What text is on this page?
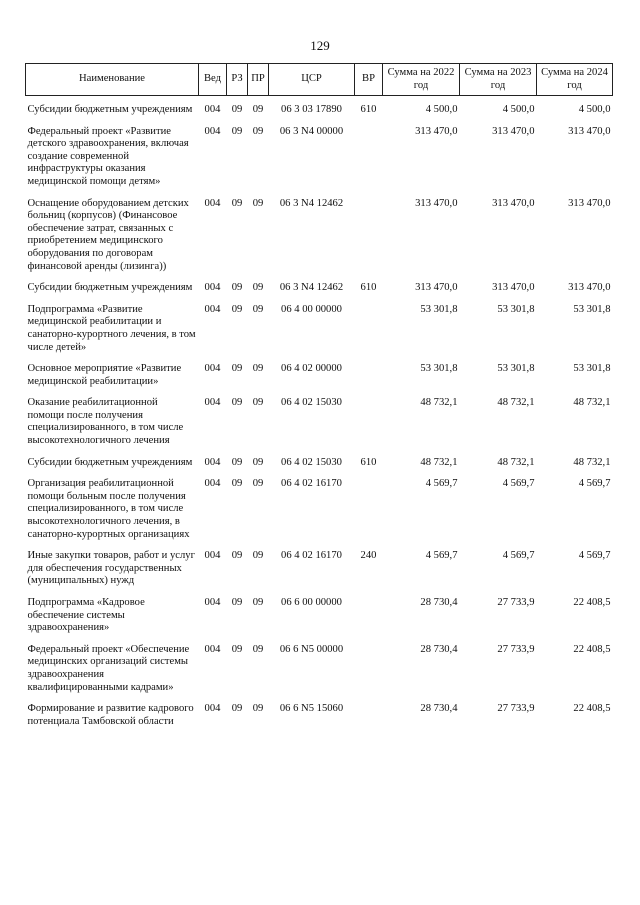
129
Наименование	Вед	РЗ	ПР	ЦСР	ВР	Сумма на 2022 год	Сумма на 2023 год	Сумма на 2024 год
Субсидии бюджетным учреждениям	004	09	09	06 3 03 17890	610	4 500,0	4 500,0	4 500,0
Федеральный проект «Развитие детского здравоохранения, включая создание современной инфраструктуры оказания медицинской помощи детям»	004	09	09	06 3 N4 00000		313 470,0	313 470,0	313 470,0
Оснащение оборудованием детских больниц (корпусов) (Финансовое обеспечение затрат, связанных с приобретением медицинского оборудования по договорам финансовой аренды (лизинга))	004	09	09	06 3 N4 12462		313 470,0	313 470,0	313 470,0
Субсидии бюджетным учреждениям	004	09	09	06 3 N4 12462	610	313 470,0	313 470,0	313 470,0
Подпрограмма «Развитие медицинской реабилитации и санаторно-курортного лечения, в том числе детей»	004	09	09	06 4 00 00000		53 301,8	53 301,8	53 301,8
Основное мероприятие «Развитие медицинской реабилитации»	004	09	09	06 4 02 00000		53 301,8	53 301,8	53 301,8
Оказание реабилитационной помощи после получения специализированного, в том числе высокотехнологичного лечения	004	09	09	06 4 02 15030		48 732,1	48 732,1	48 732,1
Субсидии бюджетным учреждениям	004	09	09	06 4 02 15030	610	48 732,1	48 732,1	48 732,1
Организация реабилитационной помощи больным после получения специализированного, в том числе высокотехнологичного лечения, в санаторно-курортных организациях	004	09	09	06 4 02 16170		4 569,7	4 569,7	4 569,7
Иные закупки товаров, работ и услуг для обеспечения государственных (муниципальных) нужд	004	09	09	06 4 02 16170	240	4 569,7	4 569,7	4 569,7
Подпрограмма «Кадровое обеспечение системы здравоохранения»	004	09	09	06 6 00 00000		28 730,4	27 733,9	22 408,5
Федеральный проект «Обеспечение медицинских организаций системы здравоохранения квалифицированными кадрами»	004	09	09	06 6 N5 00000		28 730,4	27 733,9	22 408,5
Формирование и развитие кадрового потенциала Тамбовской области	004	09	09	06 6 N5 15060		28 730,4	27 733,9	22 408,5
